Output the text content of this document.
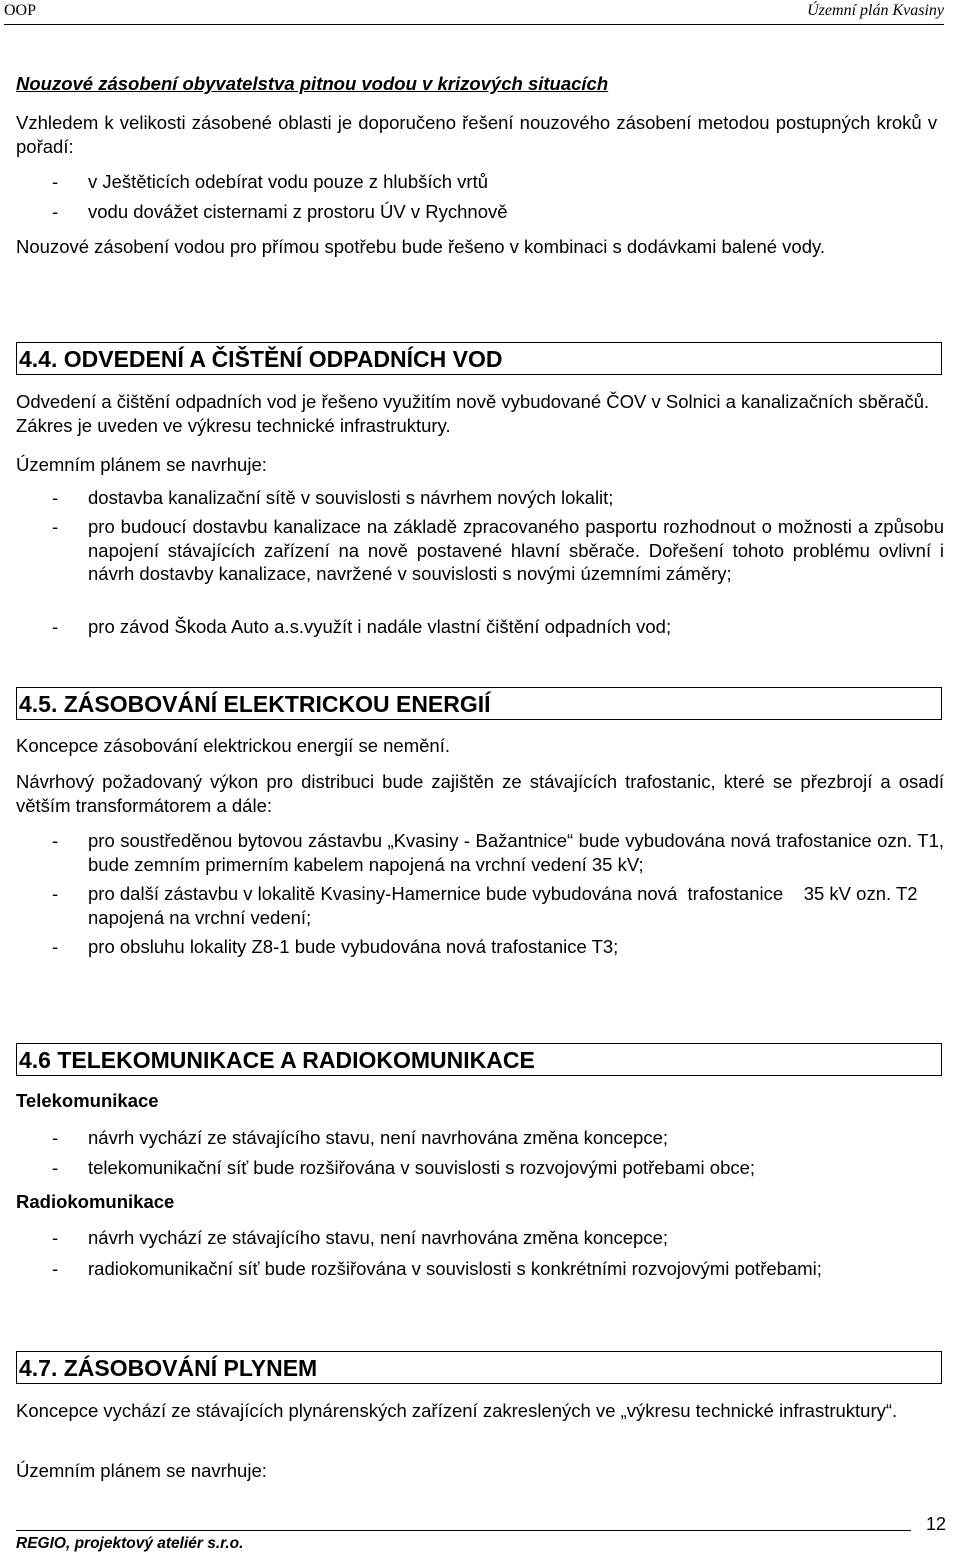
OOP	Územní plán Kvasiny
Nouzové zásobení obyvatelstva pitnou vodou v krizových situacích
Vzhledem k velikosti zásobené oblasti je doporučeno řešení nouzového zásobení metodou postupných kroků v pořadí:
- v Ještěticích odebírat vodu pouze z hlubších vrtů
- vodu dovážet cisternami z prostoru ÚV v Rychnově
Nouzové zásobení vodou pro přímou spotřebu bude řešeno v kombinaci s dodávkami balené vody.
4.4. ODVEDENÍ A ČIŠTĚNÍ ODPADNÍCH VOD
Odvedení a čištění odpadních vod je řešeno využitím nově vybudované ČOV v Solnici a kanalizačních sběračů. Zákres je uveden ve výkresu technické infrastruktury.
Územním plánem se navrhuje:
- dostavba kanalizační sítě v souvislosti s návrhem nových lokalit;
- pro budoucí dostavbu kanalizace na základě zpracovaného pasportu rozhodnout o možnosti a způsobu napojení stávajících zařízení na nově postavené hlavní sběrače. Dořešení tohoto problému ovlivní i návrh dostavby kanalizace, navržené v souvislosti s novými územními záměry;
- pro závod Škoda Auto a.s.využít i nadále vlastní čištění odpadních vod;
4.5. ZÁSOBOVÁNÍ ELEKTRICKOU ENERGIÍ
Koncepce zásobování elektrickou energií se nemění.
Návrhový požadovaný výkon pro distribuci bude zajištěn ze stávajících trafostanic, které se přezbrojí a osadí větším transformátorem a dále:
- pro soustředěnou bytovou zástavbu „Kvasiny - Bažantnice“ bude vybudována nová trafostanice ozn. T1, bude zemním primerním kabelem napojená na vrchní vedení 35 kV;
- pro další zástavbu v lokalitě Kvasiny-Hamernice bude vybudována nová  trafostanice    35 kV ozn. T2 napojená na vrchní vedení;
- pro obsluhu lokality Z8-1 bude vybudována nová trafostanice T3;
4.6 TELEKOMUNIKACE A RADIOKOMUNIKACE
Telekomunikace
- návrh vychází ze stávajícího stavu, není navrhována změna koncepce;
- telekomunikační síť bude rozšiřována v souvislosti s rozvojovými potřebami obce;
Radiokomunikace
- návrh vychází ze stávajícího stavu, není navrhována změna koncepce;
- radiokomunikační síť bude rozšiřována v souvislosti s konkrétními rozvojovými potřebami;
4.7. ZÁSOBOVÁNÍ PLYNEM
Koncepce vychází ze stávajících plynárenských zařízení zakreslených ve „výkresu technické infrastruktury“.
Územním plánem se navrhuje:
12
REGIO, projektový ateliér s.r.o.
